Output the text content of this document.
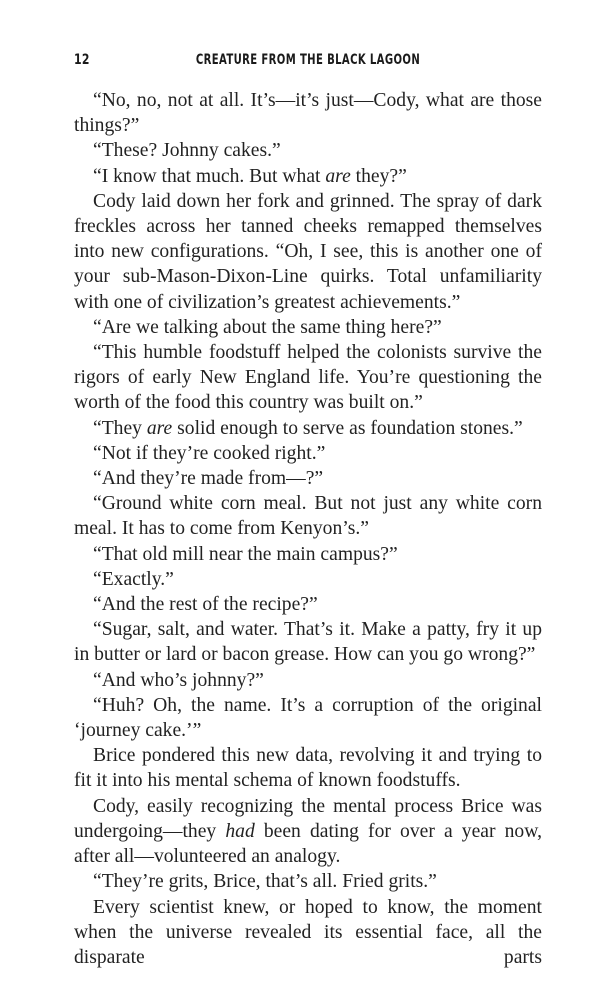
12	CREATURE FROM THE BLACK LAGOON

“No, no, not at all. It’s—it’s just—Cody, what are those things?”

“These? Johnny cakes.”

“I know that much. But what are they?”

Cody laid down her fork and grinned. The spray of dark freckles across her tanned cheeks remapped themselves into new configurations. “Oh, I see, this is another one of your sub-Mason-Dixon-Line quirks. Total unfamiliarity with one of civilization’s greatest achievements.”

“Are we talking about the same thing here?”

“This humble foodstuff helped the colonists survive the rigors of early New England life. You’re questioning the worth of the food this country was built on.”

“They are solid enough to serve as foundation stones.”

“Not if they’re cooked right.”

“And they’re made from—?”

“Ground white corn meal. But not just any white corn meal. It has to come from Kenyon’s.”

“That old mill near the main campus?”

“Exactly.”

“And the rest of the recipe?”

“Sugar, salt, and water. That’s it. Make a patty, fry it up in butter or lard or bacon grease. How can you go wrong?”

“And who’s johnny?”

“Huh? Oh, the name. It’s a corruption of the original ‘journey cake.’”

Brice pondered this new data, revolving it and trying to fit it into his mental schema of known foodstuffs.

Cody, easily recognizing the mental process Brice was undergoing—they had been dating for over a year now, after all—volunteered an analogy.

“They’re grits, Brice, that’s all. Fried grits.”

Every scientist knew, or hoped to know, the moment when the universe revealed its essential face, all the disparate parts
